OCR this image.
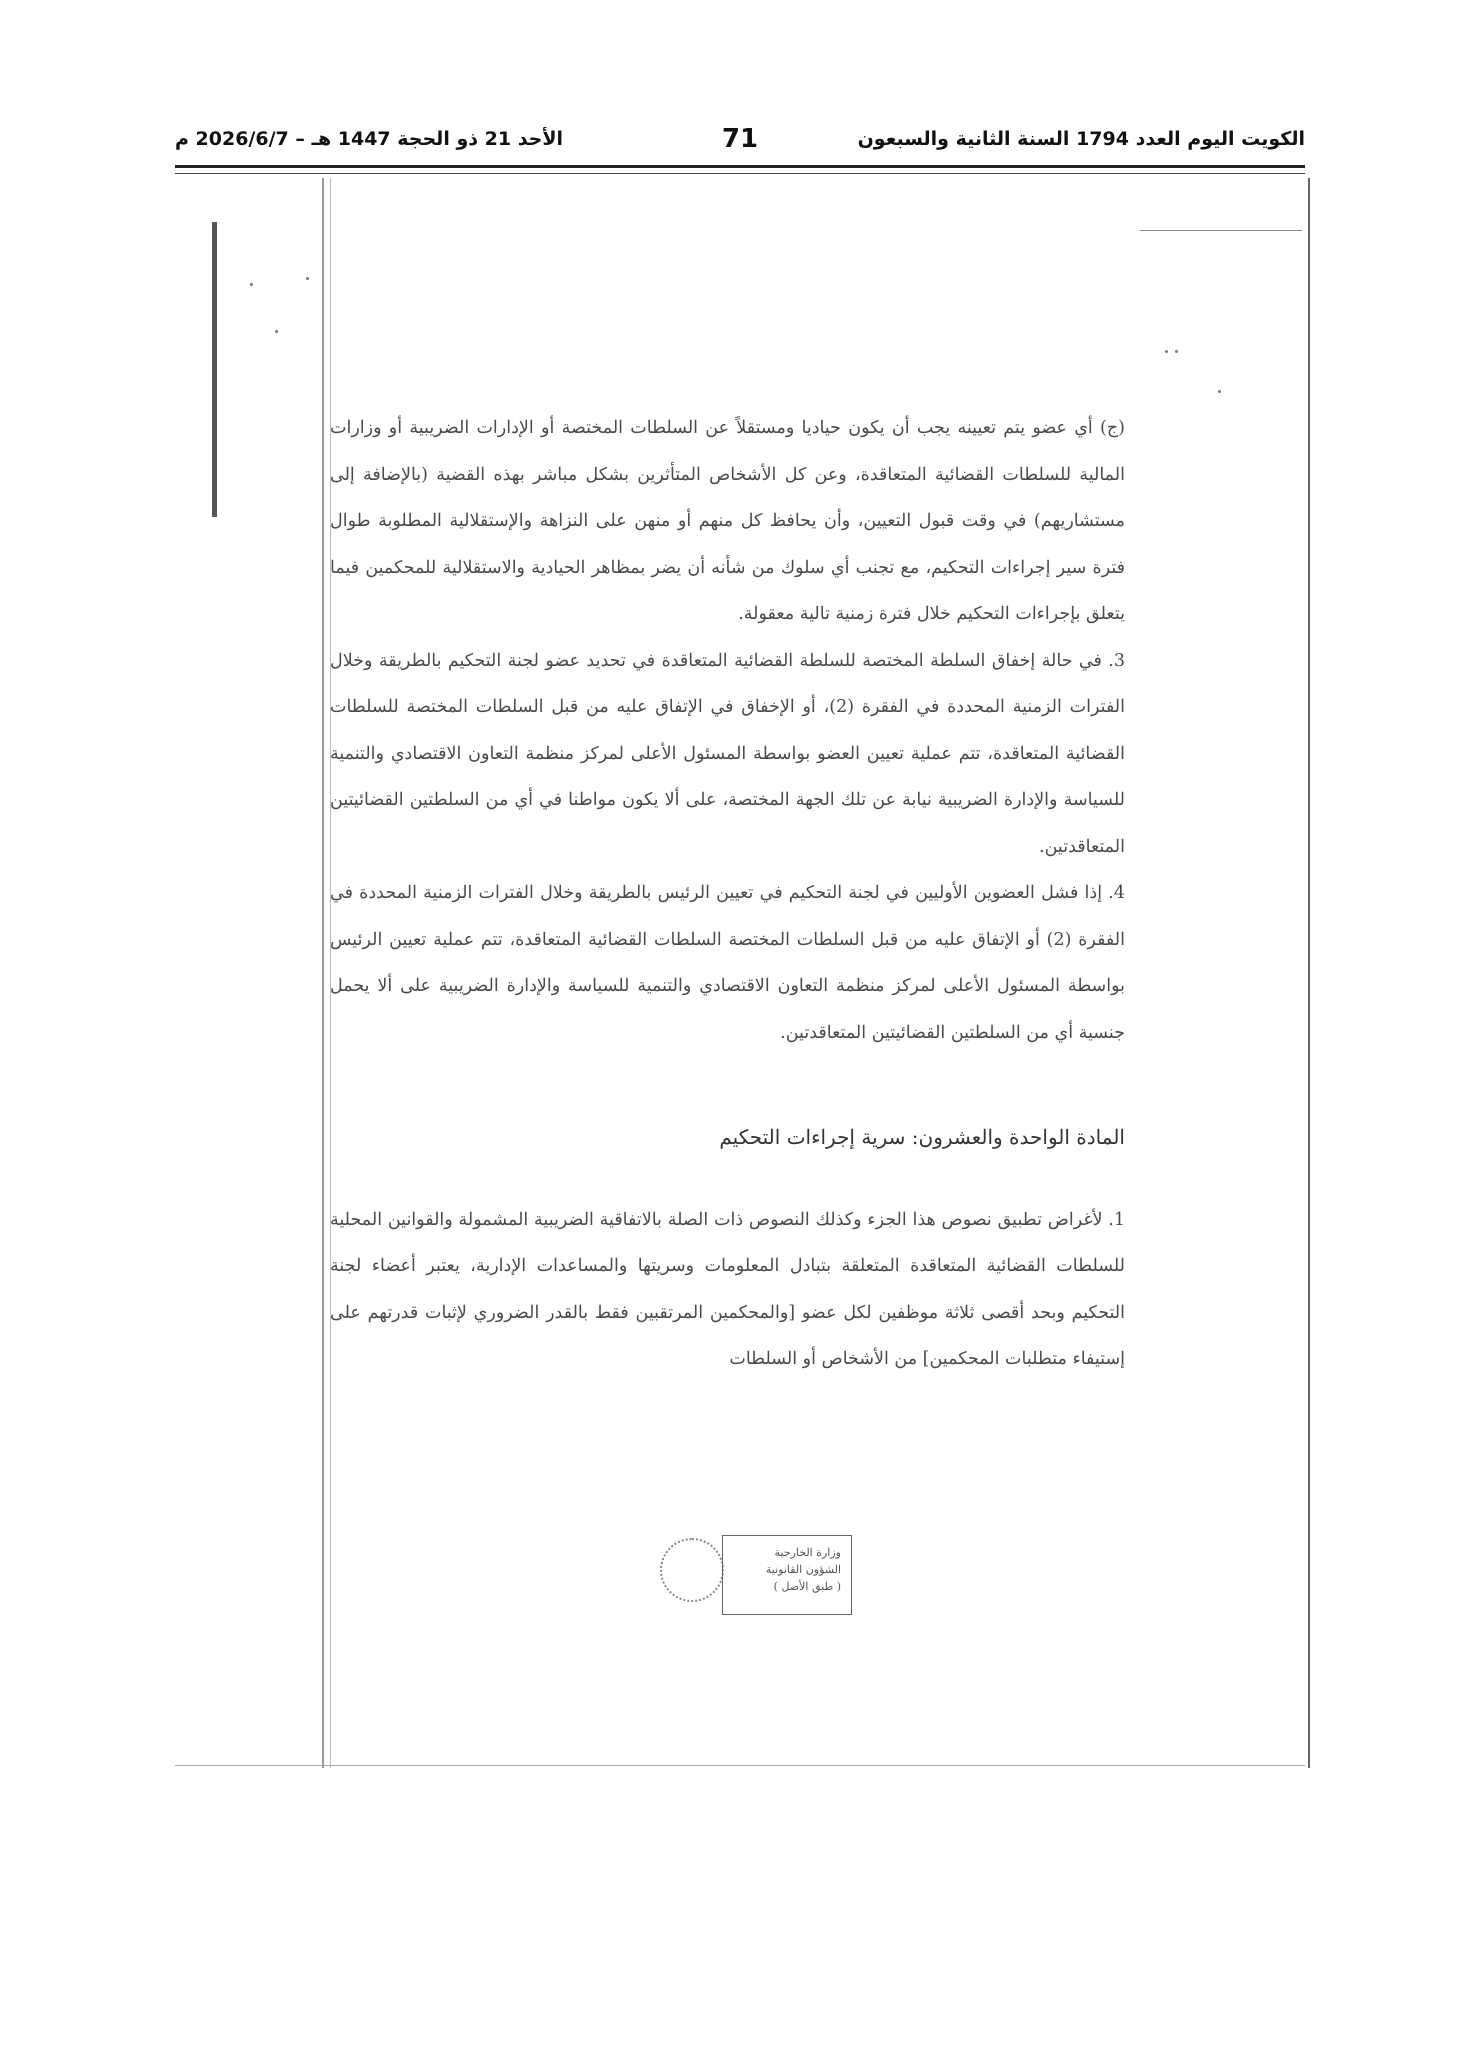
الكويت اليوم العدد 1794 السنة الثانية والسبعون
71
الأحد 21 ذو الحجة 1447 هـ – 2026/6/7 م

(ج) أي عضو يتم تعيينه يجب أن يكون حياديا ومستقلاً عن السلطات المختصة أو الإدارات الضريبية أو وزارات المالية للسلطات القضائية المتعاقدة، وعن كل الأشخاص المتأثرين بشكل مباشر بهذه القضية (بالإضافة إلى مستشاريهم) في وقت قبول التعيين، وأن يحافظ كل منهم أو منهن على النزاهة والإستقلالية المطلوبة طوال فترة سير إجراءات التحكيم، مع تجنب أي سلوك من شأنه أن يضر بمظاهر الحيادية والاستقلالية للمحكمين فيما يتعلق بإجراءات التحكيم خلال فترة زمنية تالية معقولة.

3. في حالة إخفاق السلطة المختصة للسلطة القضائية المتعاقدة في تحديد عضو لجنة التحكيم بالطريقة وخلال الفترات الزمنية المحددة في الفقرة (2)، أو الإخفاق في الإتفاق عليه من قبل السلطات المختصة للسلطات القضائية المتعاقدة، تتم عملية تعيين العضو بواسطة المسئول الأعلى لمركز منظمة التعاون الاقتصادي والتنمية للسياسة والإدارة الضريبية نيابة عن تلك الجهة المختصة، على ألا يكون مواطنا في أي من السلطتين القضائيتين المتعاقدتين.

4. إذا فشل العضوين الأوليين في لجنة التحكيم في تعيين الرئيس بالطريقة وخلال الفترات الزمنية المحددة في الفقرة (2) أو الإتفاق عليه من قبل السلطات المختصة السلطات القضائية المتعاقدة، تتم عملية تعيين الرئيس بواسطة المسئول الأعلى لمركز منظمة التعاون الاقتصادي والتنمية للسياسة والإدارة الضريبية على ألا يحمل جنسية أي من السلطتين القضائيتين المتعاقدتين.

المادة الواحدة والعشرون: سرية إجراءات التحكيم

1. لأغراض تطبيق نصوص هذا الجزء وكذلك النصوص ذات الصلة بالاتفاقية الضريبية المشمولة والقوانين المحلية للسلطات القضائية المتعاقدة المتعلقة بتبادل المعلومات وسريتها والمساعدات الإدارية، يعتبر أعضاء لجنة التحكيم وبحد أقصى ثلاثة موظفين لكل عضو [والمحكمين المرتقبين فقط بالقدر الضروري لإثبات قدرتهم على إستيفاء متطلبات المحكمين] من الأشخاص أو السلطات

وزارة الخارجية
الشؤون القانونية
( طبق الأصل )
